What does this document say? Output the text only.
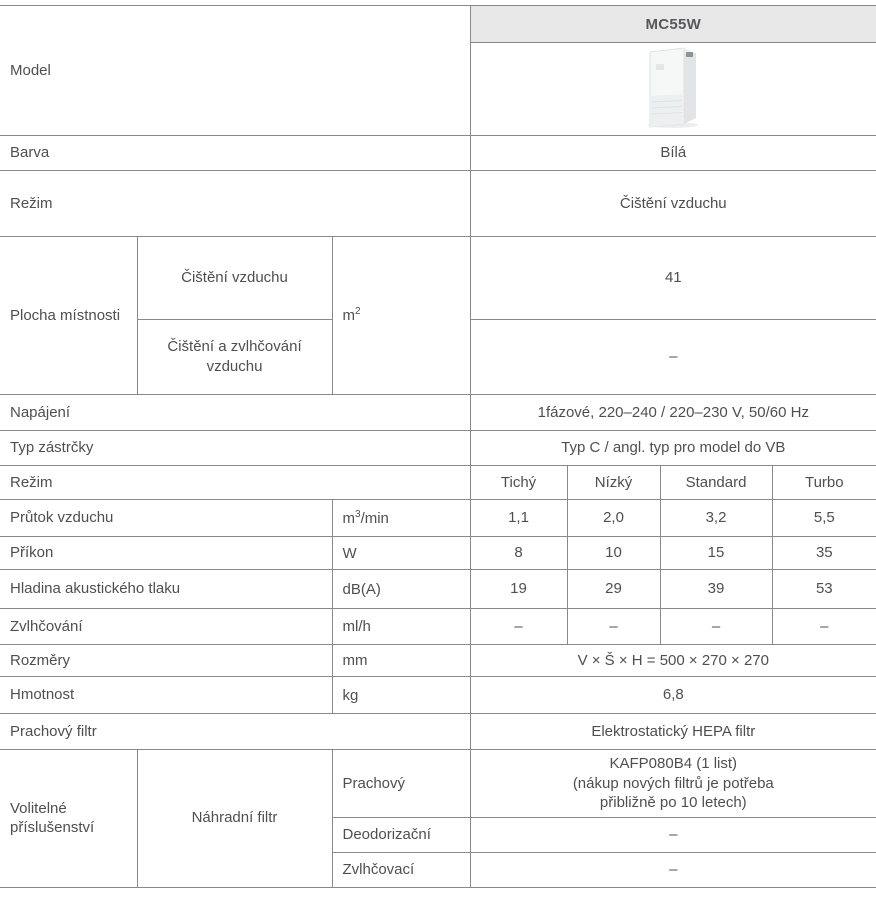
Model			MC55W			

Barva			Bílá			
Režim			Čištění vzduchu			
Plocha místnosti	Čištění vzduchu	$m^2$	41			
	Čištění a zvlhčování vzduchu		–			
Napájení			1fázové, 220–240 / 220–230 V, 50/60 Hz			
Typ zástrčky			Typ C / angl. typ pro model do VB			
Režim			Tichý	Nízký	Standard	Turbo
Průtok vzduchu		$m^3/\min$	1,1	2,0	3,2	5,5
Příkon		W	8	10	15	35
Hladina akustického tlaku		dB(A)	19	29	39	53
Zvlhčování		ml/h	–	–	–	–
Rozměry		mm	V × Š × H = 500 × 270 × 270			
Hmotnost		kg	6,8			
Prachový filtr			Elektrostatický HEPA filtr			
Volitelné příslušenství	Náhradní filtr	Prachový	KAFP080B4 (1 list)
(nákup nových filtrů je potřeba
přibližně po 10 letech)			

		Deodorizační	–			
		Zvlhčovací	–			
